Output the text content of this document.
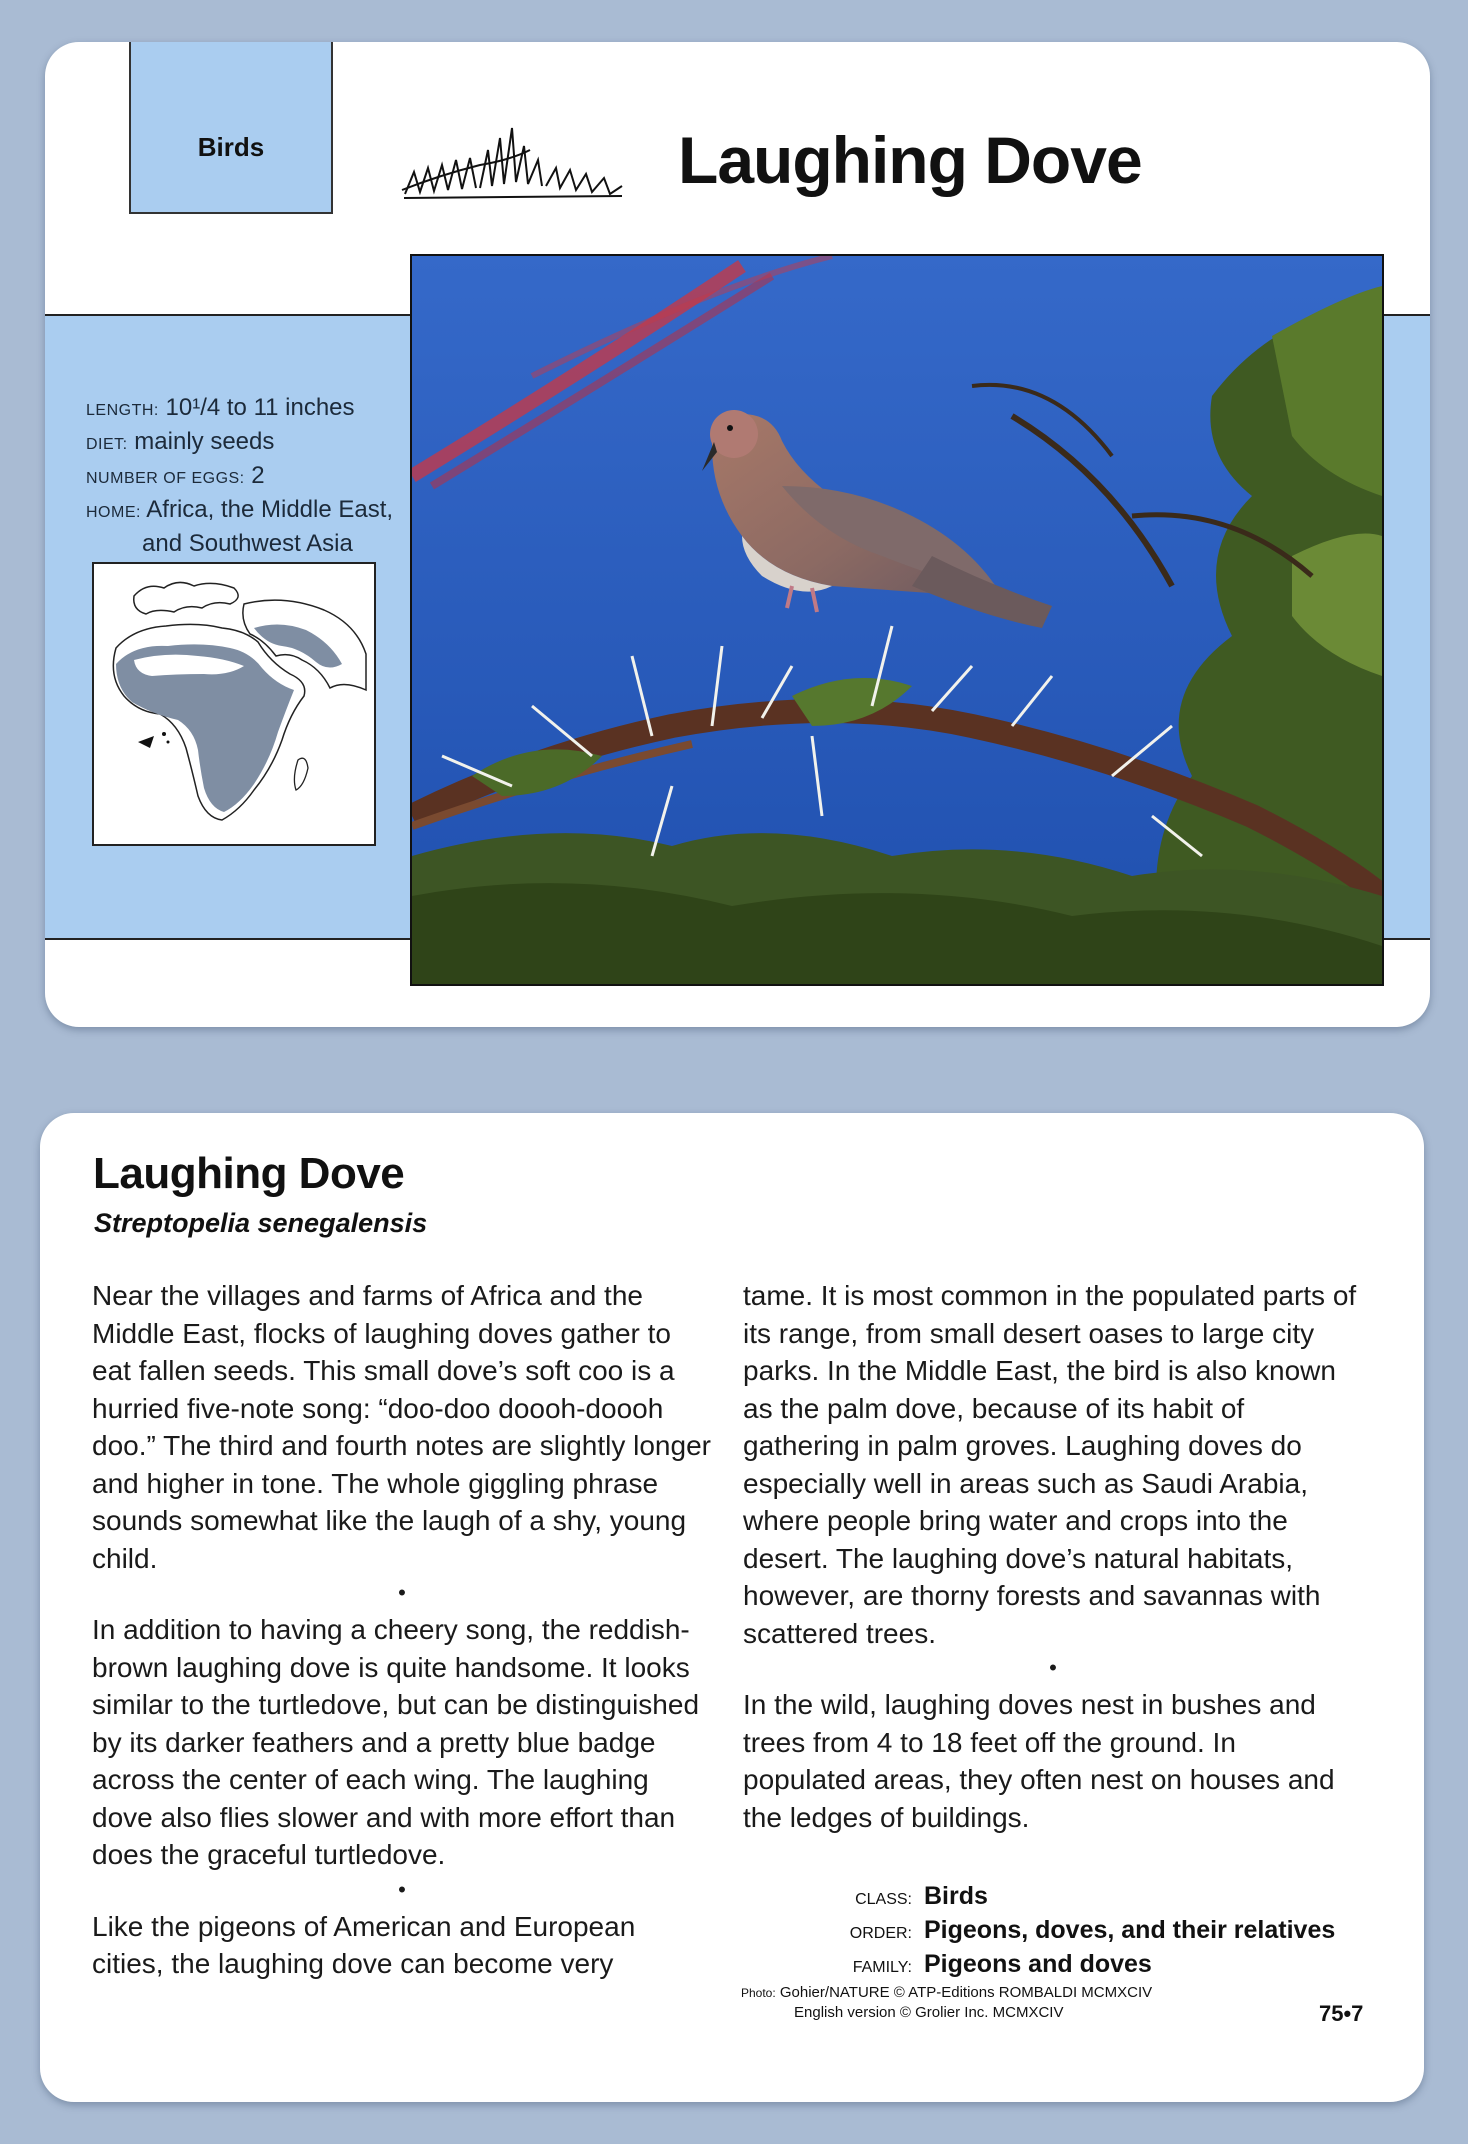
Birds	Laughing Dove
LENGTH: 10¹/4 to 11 inches
DIET: mainly seeds
NUMBER OF EGGS: 2
HOME: Africa, the Middle East,
and Southwest Asia
Laughing Dove
Streptopelia senegalensis

Near the villages and farms of Africa and the Middle East, flocks of laughing doves gather to eat fallen seeds. This small dove’s soft coo is a hurried five-note song: “doo-doo doooh-doooh doo.” The third and fourth notes are slightly longer and higher in tone. The whole giggling phrase sounds somewhat like the laugh of a shy, young child.

•

In addition to having a cheery song, the reddish-brown laughing dove is quite handsome. It looks similar to the turtledove, but can be distinguished by its darker feathers and a pretty blue badge across the center of each wing. The laughing dove also flies slower and with more effort than does the graceful turtledove.

•

Like the pigeons of American and European cities, the laughing dove can become very

tame. It is most common in the populated parts of its range, from small desert oases to large city parks. In the Middle East, the bird is also known as the palm dove, because of its habit of gathering in palm groves. Laughing doves do especially well in areas such as Saudi Arabia, where people bring water and crops into the desert. The laughing dove’s natural habitats, however, are thorny forests and savannas with scattered trees.

•

In the wild, laughing doves nest in bushes and trees from 4 to 18 feet off the ground. In populated areas, they often nest on houses and the ledges of buildings.

CLASS: Birds
ORDER: Pigeons, doves, and their relatives
FAMILY: Pigeons and doves
Photo: Gohier/NATURE © ATP-Editions ROMBALDI MCMXCIV
English version © Grolier Inc. MCMXCIV	75•7
